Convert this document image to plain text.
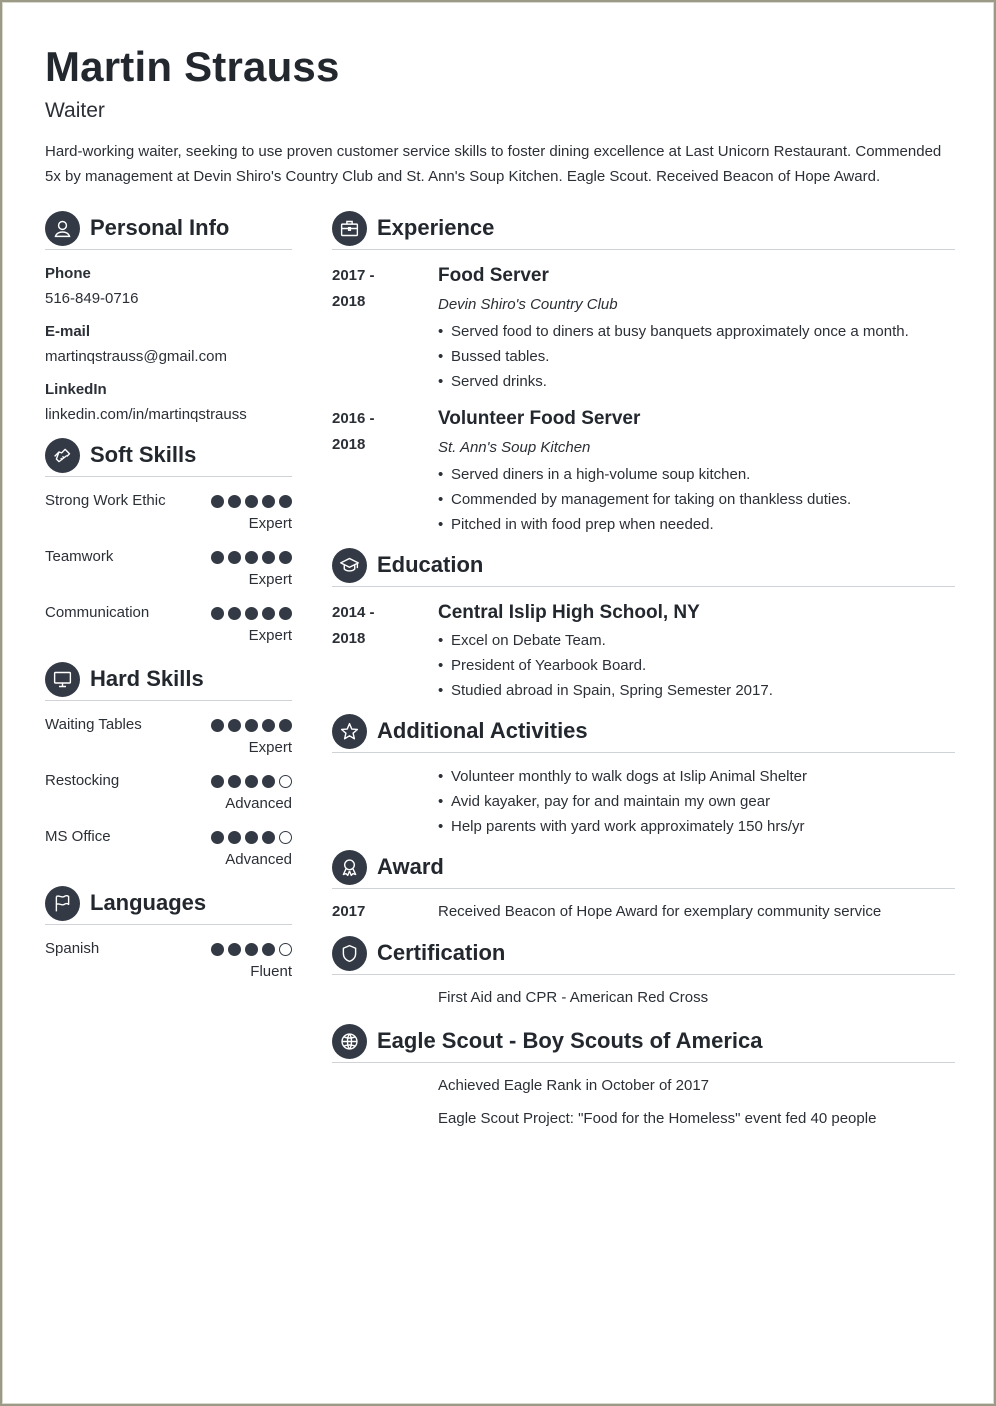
Martin Strauss
Waiter
Hard-working waiter, seeking to use proven customer service skills to foster dining excellence at Last Unicorn Restaurant. Commended 5x by management at Devin Shiro's Country Club and St. Ann's Soup Kitchen. Eagle Scout. Received Beacon of Hope Award.
Personal Info
Phone
516-849-0716
E-mail
martinqstrauss@gmail.com
LinkedIn
linkedin.com/in/martinqstrauss
Soft Skills
Strong Work Ethic
Expert
Teamwork
Expert
Communication
Expert
Hard Skills
Waiting Tables
Expert
Restocking
Advanced
MS Office
Advanced
Languages
Spanish
Fluent
Experience
2017 -
2018
Food Server
Devin Shiro's Country Club
• Served food to diners at busy banquets approximately once a month.
• Bussed tables.
• Served drinks.
2016 -
2018
Volunteer Food Server
St. Ann's Soup Kitchen
• Served diners in a high-volume soup kitchen.
• Commended by management for taking on thankless duties.
• Pitched in with food prep when needed.
Education
2014 -
2018
Central Islip High School, NY
• Excel on Debate Team.
• President of Yearbook Board.
• Studied abroad in Spain, Spring Semester 2017.
Additional Activities
• Volunteer monthly to walk dogs at Islip Animal Shelter
• Avid kayaker, pay for and maintain my own gear
• Help parents with yard work approximately 150 hrs/yr
Award
2017	Received Beacon of Hope Award for exemplary community service
Certification
First Aid and CPR - American Red Cross
Eagle Scout - Boy Scouts of America
Achieved Eagle Rank in October of 2017
Eagle Scout Project: "Food for the Homeless" event fed 40 people
